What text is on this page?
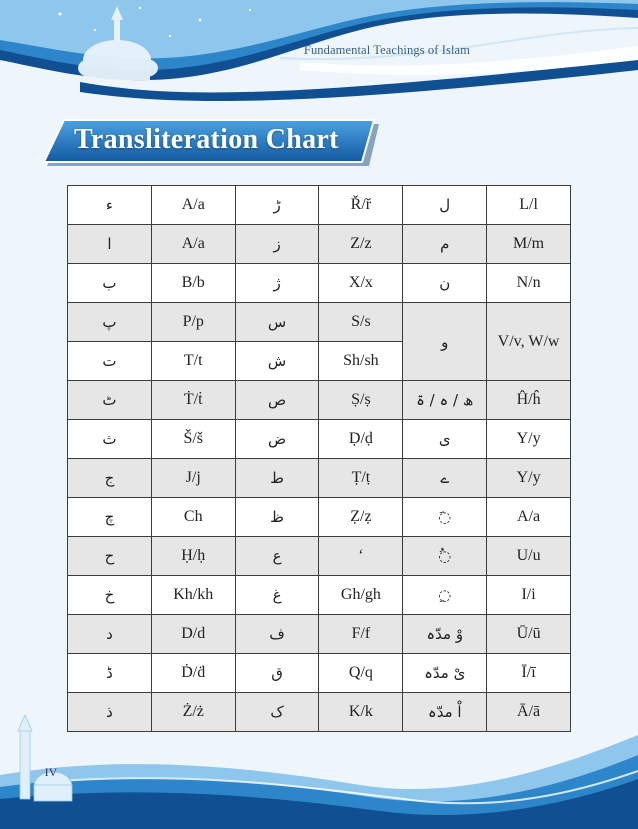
Fundamental Teachings of Islam
Transliteration Chart
ء	A/a	ڑ	Ř/ř	ل	L/l
ا	A/a	ز	Z/z	م	M/m
ب	B/b	ژ	X/x	ن	N/n
پ	P/p	س	S/s	و	V/v, W/w
ت	T/t	ش	Sh/sh		
ٹ	Ṫ/ṫ	ص	Ṣ/ṣ	ھ / ہ / ۃ	Ĥ/ĥ
ث	Š/š	ض	Ḍ/ḍ	ی	Y/y
ج	J/j	ط	Ṭ/ṭ	ے	Y/y
چ	Ch	ظ	Ẓ/ẓ	◌َ	A/a
ح	Ḥ/ḥ	ع	‘	◌ُ	U/u
خ	Kh/kh	غ	Gh/gh	◌ِ	I/i
د	D/d	ف	F/f	وْ مدّہ	Ū/ū
ڈ	Ḋ/ḋ	ق	Q/q	یْ مدّہ	Ī/ī
ذ	Ż/ż	ک	K/k	اْ مدّہ	Ā/ā
IV
